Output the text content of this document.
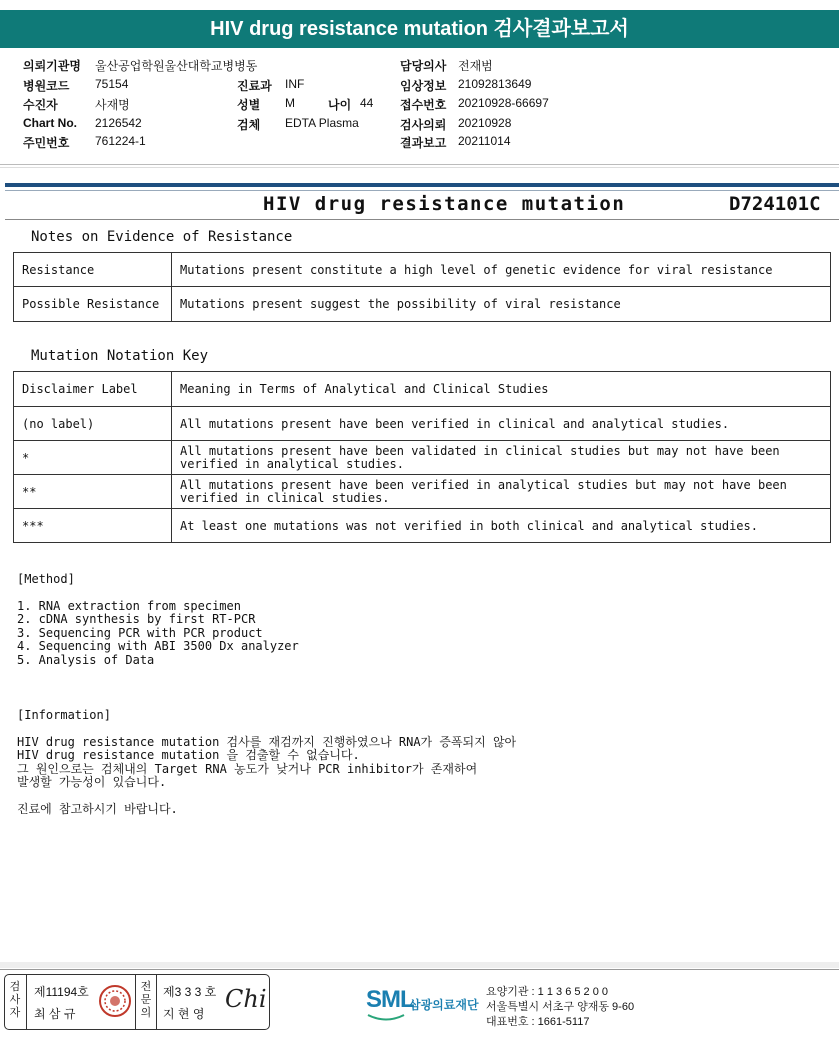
HIV drug resistance mutation 검사결과보고서
의뢰기관명 울산공업학원울산대학교병병동	담당의사 전재범
병원코드 75154	진료과 INF	임상정보 21092813649
수진자	사재명	성별 M	나이 44 접수번호 20210928-66697
Chart No. 2126542	검체 EDTA Plasma	검사의뢰 20210928
주민번호 761224-1	결과보고 20211014
HIV drug resistance mutation	D724101C
Notes on Evidence of Resistance
Resistance	Mutations present constitute a high level of genetic evidence for viral resistance
Possible Resistance	Mutations present suggest the possibility of viral resistance
Mutation Notation Key
Disclaimer Label	Meaning in Terms of Analytical and Clinical Studies
(no label)	All mutations present have been verified in clinical and analytical studies.
*	All mutations present have been validated in clinical studies but may not have been verified in analytical studies.
**	All mutations present have been verified in analytical studies but may not have been verified in clinical studies.
***	At least one mutations was not verified in both clinical and analytical studies.
[Method]
1. RNA extraction from specimen
2. cDNA synthesis by first RT-PCR
3. Sequencing PCR with PCR product
4. Sequencing with ABI 3500 Dx analyzer
5. Analysis of Data
[Information]
HIV drug resistance mutation 검사를 재검까지 진행하였으나 RNA가 증폭되지 않아
HIV drug resistance mutation 을 검출할 수 없습니다.
그 원인으로는 검체내의 Target RNA 농도가 낮거나 PCR inhibitor가 존재하여
발생할 가능성이 있습니다.
진료에 참고하시기 바랍니다.
검사자
제11194호
최 삼 규
전문의
제3 3 3 호
지 현 영
Chi	SML
삼광의료재단
요양기관 : 1 1 3 6 5 2 0 0
서울특별시 서초구 양재동 9-60
대표번호 : 1661-5117
